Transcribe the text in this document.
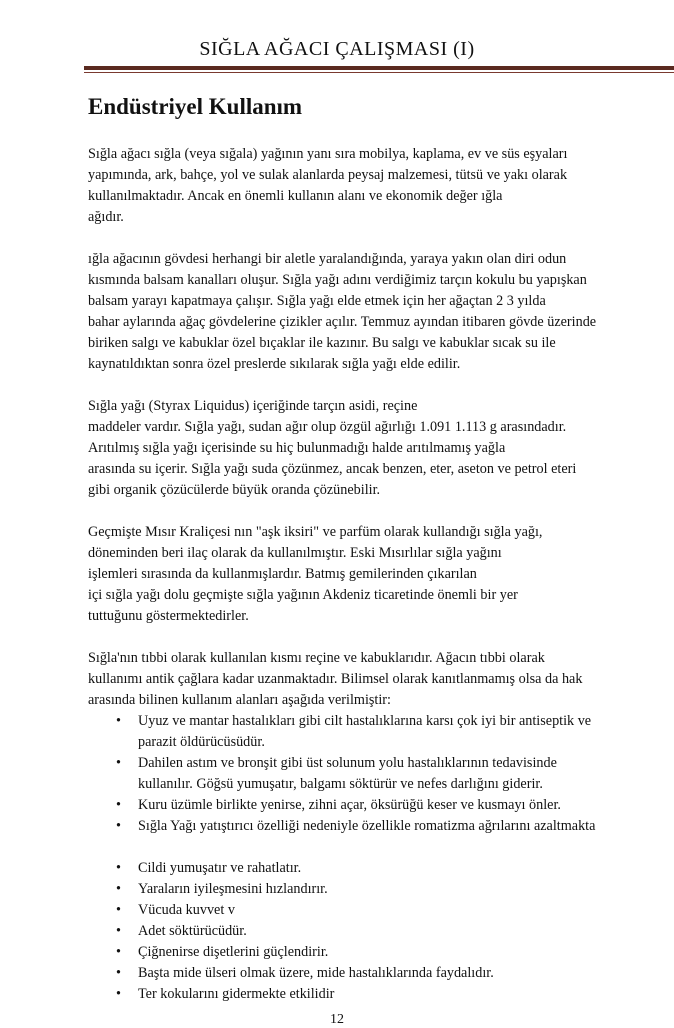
SIĞLA AĞACI ÇALIŞMASI (I)
Endüstriyel Kullanım
Sığla ağacı sığla (veya sığala) yağının yanı sıra mobilya, kaplama, ev ve süs eşyaları
yapımında, ark, bahçe, yol ve sulak alanlarda peysaj malzemesi, tütsü ve yakı olarak
kullanılmaktadır. Ancak en önemli kullanın alanı ve ekonomik değer ığla
ağıdır.
ığla ağacının gövdesi herhangi bir aletle yaralandığında, yaraya yakın olan diri odun
kısmında balsam kanalları oluşur. Sığla yağı adını verdiğimiz tarçın kokulu bu yapışkan
balsam yarayı kapatmaya çalışır. Sığla yağı elde etmek için her ağaçtan 2 3 yılda
bahar aylarında ağaç gövdelerine çizikler açılır. Temmuz ayından itibaren gövde üzerinde
biriken salgı ve kabuklar özel bıçaklar ile kazınır. Bu salgı ve kabuklar sıcak su ile
kaynatıldıktan sonra özel preslerde sıkılarak sığla yağı elde edilir.
Sığla yağı (Styrax Liquidus) içeriğinde tarçın asidi, reçine
maddeler vardır. Sığla yağı, sudan ağır olup özgül ağırlığı 1.091 1.113 g arasındadır.
Arıtılmış sığla yağı içerisinde su hiç bulunmadığı halde arıtılmamış yağla
arasında su içerir. Sığla yağı suda çözünmez, ancak benzen, eter, aseton ve petrol eteri
gibi organik çözücülerde büyük oranda çözünebilir.
Geçmişte Mısır Kraliçesi nın "aşk iksiri" ve parfüm olarak kullandığı sığla yağı,
döneminden beri ilaç olarak da kullanılmıştır. Eski Mısırlılar sığla yağını
işlemleri sırasında da kullanmışlardır. Batmış gemilerinden çıkarılan
içi sığla yağı dolu geçmişte sığla yağının Akdeniz ticaretinde önemli bir yer
tuttuğunu göstermektedirler.
Sığla'nın tıbbi olarak kullanılan kısmı reçine ve kabuklarıdır. Ağacın tıbbi olarak
kullanımı antik çağlara kadar uzanmaktadır. Bilimsel olarak kanıtlanmamış olsa da hak
arasında bilinen kullanım alanları aşağıda verilmiştir:
• Uyuz ve mantar hastalıkları gibi cilt hastalıklarına karsı çok iyi bir antiseptik ve
parazit öldürücüsüdür.
• Dahilen astım ve bronşit gibi üst solunum yolu hastalıklarının tedavisinde
kullanılır. Göğsü yumuşatır, balgamı söktürür ve nefes darlığını giderir.
• Kuru üzümle birlikte yenirse, zihni açar, öksürüğü keser ve kusmayı önler.
• Sığla Yağı yatıştırıcı özelliği nedeniyle özellikle romatizma ağrılarını azaltmakta
• Cildi yumuşatır ve rahatlatır.
• Yaraların iyileşmesini hızlandırır.
• Vücuda kuvvet v
• Adet söktürücüdür.
• Çiğnenirse dişetlerini güçlendirir.
• Başta mide ülseri olmak üzere, mide hastalıklarında faydalıdır.
• Ter kokularını gidermekte etkilidir
12
